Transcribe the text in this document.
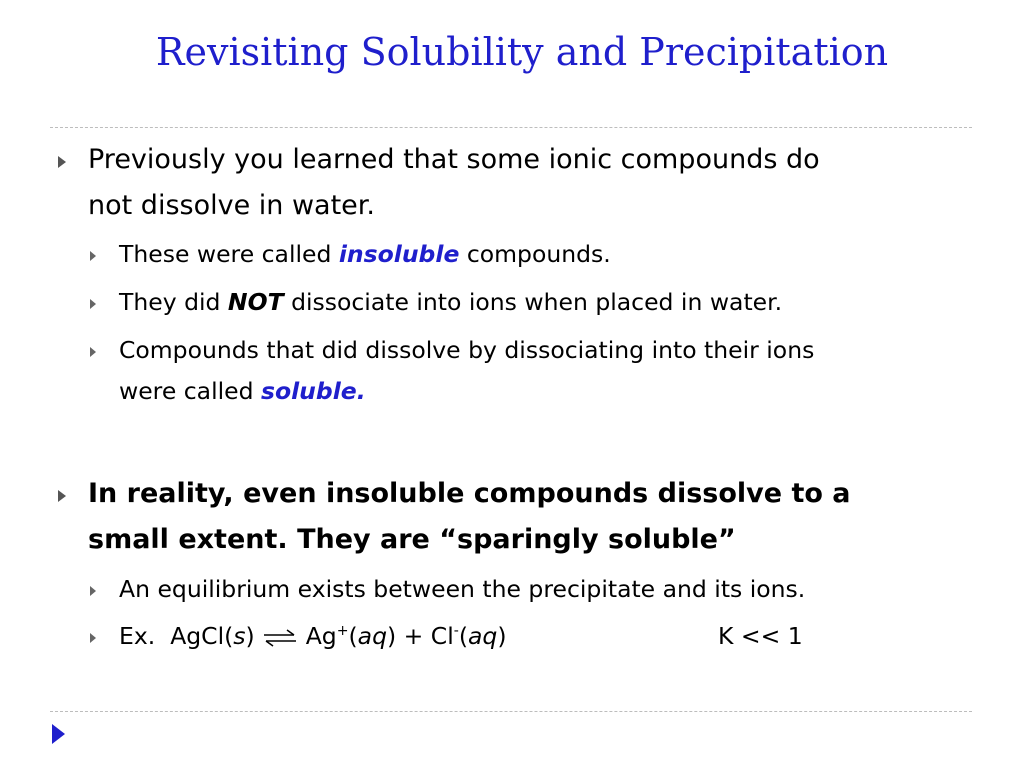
Revisiting Solubility and Precipitation
Previously you learned that some ionic compounds do
not dissolve in water.
These were called insoluble compounds.
They did NOT dissociate into ions when placed in water.
Compounds that did dissolve by dissociating into their ions
were called soluble.
In reality, even insoluble compounds dissolve to a
small extent. They are “sparingly soluble”
An equilibrium exists between the precipitate and its ions.
Ex. AgCl(s) ⇌ Ag+(aq) + Cl-(aq)	K << 1
